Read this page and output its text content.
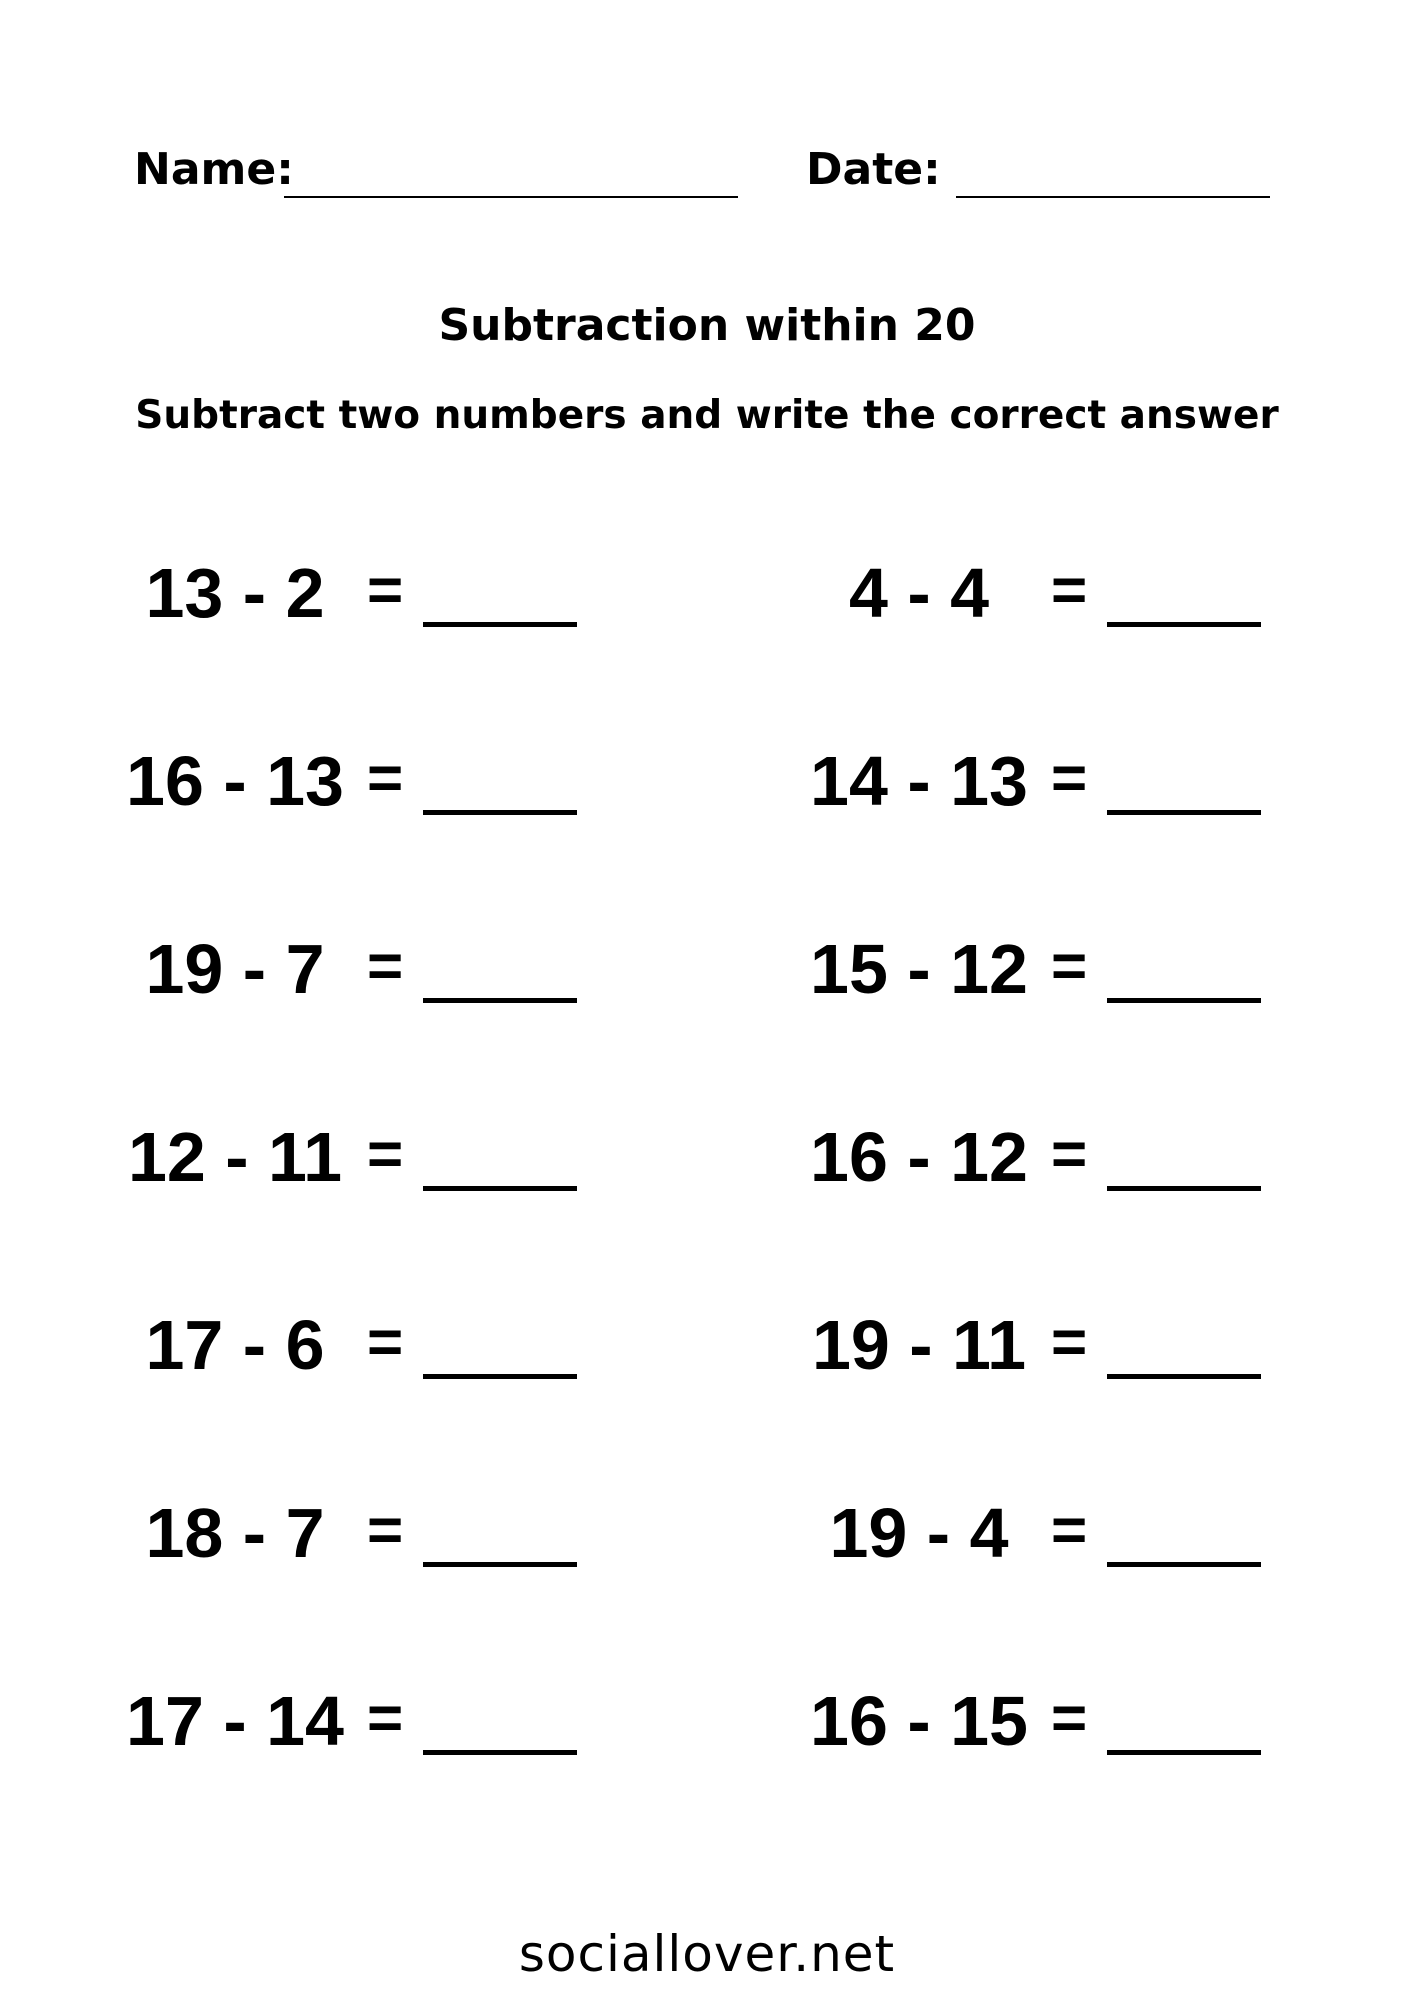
Name:	Date:
Subtraction within 20
Subtract two numbers and write the correct answer
13 - 2 =
16 - 13 =
19 - 7 =
12 - 11 =
17 - 6 =
18 - 7 =
17 - 14 =
4 - 4 =
14 - 13 =
15 - 12 =
16 - 12 =
19 - 11 =
19 - 4 =
16 - 15 =
sociallover.net
